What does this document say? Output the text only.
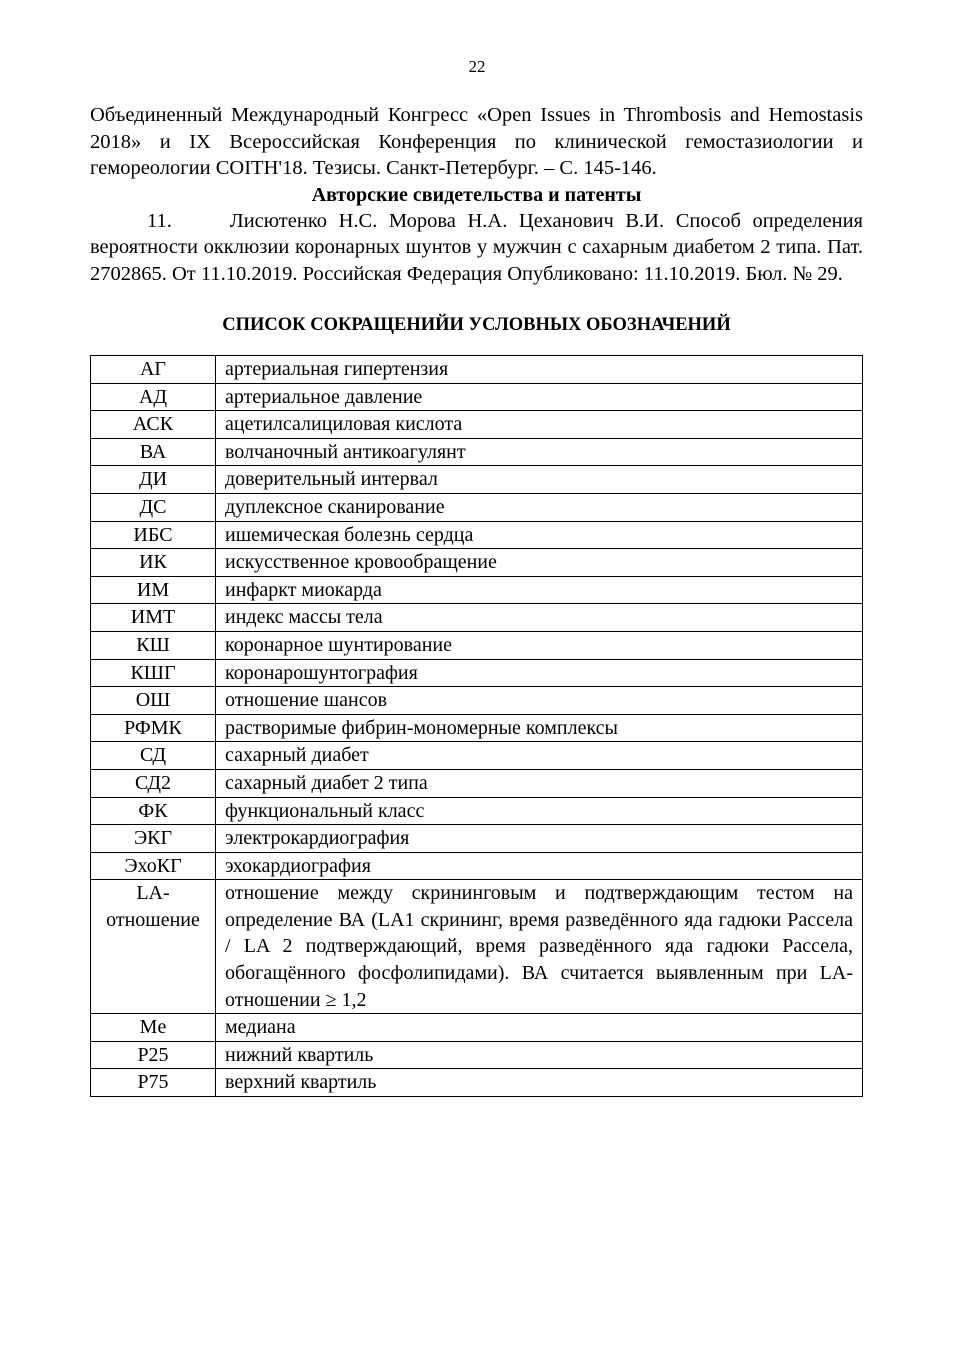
22

Объединенный Международный Конгресс «Open Issues in Thrombosis and Hemostasis 2018» и IX Всероссийская Конференция по клинической гемостазиологии и гемореологии COITH'18. Тезисы. Санкт-Петербург. – С. 145-146.

Авторские свидетельства и патенты

11.     Лисютенко Н.С. Морова Н.А. Цеханович В.И. Способ определения вероятности окклюзии коронарных шунтов у мужчин с сахарным диабетом 2 типа. Пат. 2702865. От 11.10.2019. Российская Федерация Опубликовано: 11.10.2019. Бюл. № 29.

СПИСОК СОКРАЩЕНИЙИ УСЛОВНЫХ ОБОЗНАЧЕНИЙ

АГ	артериальная гипертензия
АД	артериальное давление
АСК	ацетилсалициловая кислота
ВА	волчаночный антикоагулянт
ДИ	доверительный интервал
ДС	дуплексное сканирование
ИБС	ишемическая болезнь сердца
ИК	искусственное кровообращение
ИМ	инфаркт миокарда
ИМТ	индекс массы тела
КШ	коронарное шунтирование
КШГ	коронарошунтография
ОШ	отношение шансов
РФМК	растворимые фибрин-мономерные комплексы
СД	сахарный диабет
СД2	сахарный диабет 2 типа
ФК	функциональный класс
ЭКГ	электрокардиография
ЭхоКГ	эхокардиография
LA-отношение	отношение между скрининговым и подтверждающим тестом на определение ВА (LA1 скрининг, время разведённого яда гадюки Рассела / LA 2 подтверждающий, время разведённого яда гадюки Рассела, обогащённого фосфолипидами). ВА считается выявленным при LA-отношении ≥ 1,2
Me	медиана
P25	нижний квартиль
P75	верхний квартиль
